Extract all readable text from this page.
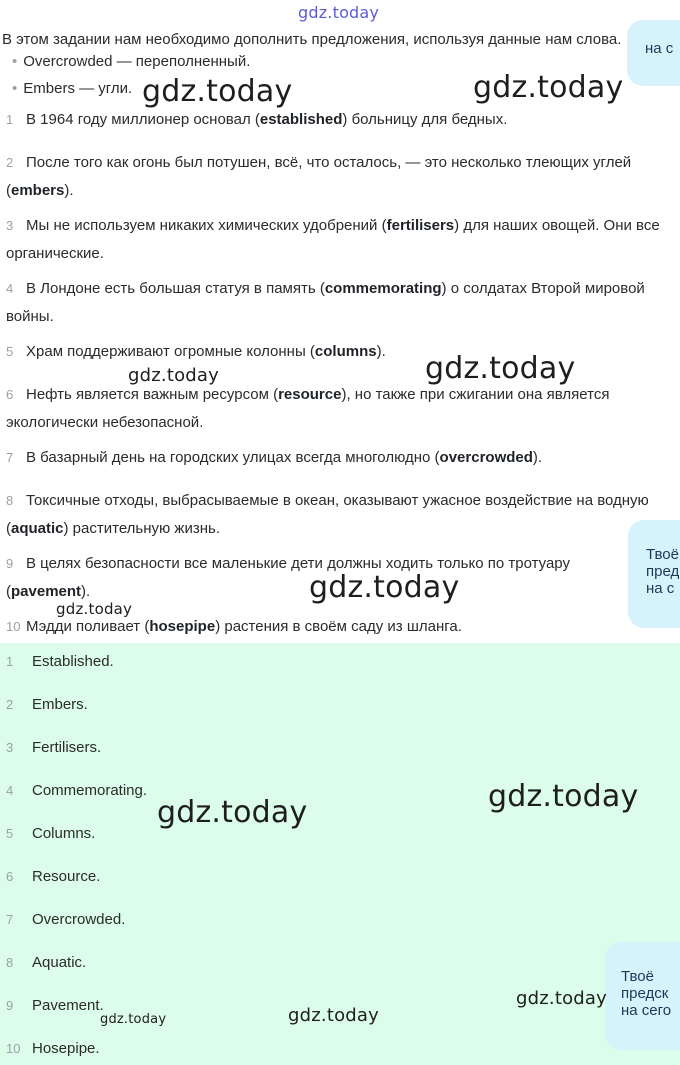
gdz.today
В этом задании нам необходимо дополнить предложения, используя данные нам слова.
• Overcrowded — переполненный.
• Embers — угли.
1 В 1964 году миллионер основал (established) больницу для бедных.
2 После того как огонь был потушен, всё, что осталось, — это несколько тлеющих углей (embers).
3 Мы не используем никаких химических удобрений (fertilisers) для наших овощей. Они все органические.
4 В Лондоне есть большая статуя в память (commemorating) о солдатах Второй мировой войны.
5 Храм поддерживают огромные колонны (columns).
6 Нефть является важным ресурсом (resource), но также при сжигании она является экологически небезопасной.
7 В базарный день на городских улицах всегда многолюдно (overcrowded).
8 Токсичные отходы, выбрасываемые в океан, оказывают ужасное воздействие на водную (aquatic) растительную жизнь.
9 В целях безопасности все маленькие дети должны ходить только по тротуару (pavement).
10 Мэдди поливает (hosepipe) растения в своём саду из шланга.
1 Established.
2 Embers.
3 Fertilisers.
4 Commemorating.
5 Columns.
6 Resource.
7 Overcrowded.
8 Aquatic.
9 Pavement.
10 Hosepipe.
на с
Твоё
пред
на с
Твоё
предск
на сего
gdz.today	gdz.today
gdz.today	gdz.today
gdz.today
gdz.today
gdz.today	gdz.today
gdz.today
gdz.today
gdz.today
